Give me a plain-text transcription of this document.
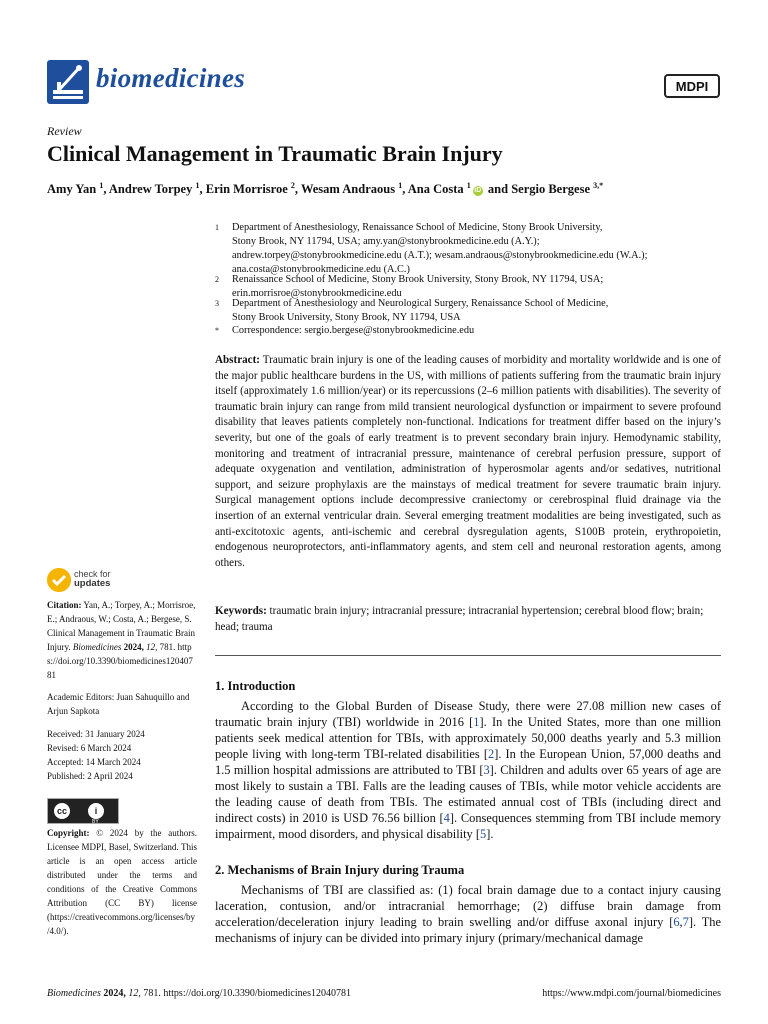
biomedicines	MDPI
Review
Clinical Management in Traumatic Brain Injury
Amy Yan $^1$, Andrew Torpey $^1$, Erin Morrisroe $^2$, Wesam Andraous $^1$, Ana Costa $^1$iD and Sergio Bergese $^{3,*}$
1 Department of Anesthesiology, Renaissance School of Medicine, Stony Brook University,
Stony Brook, NY 11794, USA; amy.yan@stonybrookmedicine.edu (A.Y.);
andrew.torpey@stonybrookmedicine.edu (A.T.); wesam.andraous@stonybrookmedicine.edu (W.A.);
ana.costa@stonybrookmedicine.edu (A.C.)
2 Renaissance School of Medicine, Stony Brook University, Stony Brook, NY 11794, USA;
erin.morrisroe@stonybrookmedicine.edu
3 Department of Anesthesiology and Neurological Surgery, Renaissance School of Medicine,
Stony Brook University, Stony Brook, NY 11794, USA
* Correspondence: sergio.bergese@stonybrookmedicine.edu
Abstract: Traumatic brain injury is one of the leading causes of morbidity and mortality worldwide and is one of the major public healthcare burdens in the US, with millions of patients suffering from the traumatic brain injury itself (approximately 1.6 million/year) or its repercussions (2–6 million patients with disabilities). The severity of traumatic brain injury can range from mild transient neurological dysfunction or impairment to severe profound disability that leaves patients completely non-functional. Indications for treatment differ based on the injury’s severity, but one of the goals of early treatment is to prevent secondary brain injury. Hemodynamic stability, monitoring and treatment of intracranial pressure, maintenance of cerebral perfusion pressure, support of adequate oxygenation and ventilation, administration of hyperosmolar agents and/or sedatives, nutritional support, and seizure prophylaxis are the mainstays of medical treatment for severe traumatic brain injury. Surgical management options include decompressive craniectomy or cerebrospinal fluid drainage via the insertion of an external ventricular drain. Several emerging treatment modalities are being investigated, such as anti-excitotoxic agents, anti-ischemic and cerebral dysregulation agents, S100B protein, erythropoietin, endogenous neuroprotectors, anti-inflammatory agents, and stem cell and neuronal restoration agents, among others.
Keywords: traumatic brain injury; intracranial pressure; intracranial hypertension; cerebral blood flow; brain; head; trauma
check for
updates
Citation: Yan, A.; Torpey, A.; Morrisroe, E.; Andraous, W.; Costa, A.; Bergese, S. Clinical Management in Traumatic Brain Injury. Biomedicines 2024, 12, 781. https://doi.org/10.3390/biomedicines12040781
Academic Editors: Juan Sahuquillo and Arjun Sapkota
Received: 31 January 2024
Revised: 6 March 2024
Accepted: 14 March 2024
Published: 2 April 2024
cc	i
BY
Copyright: © 2024 by the authors. Licensee MDPI, Basel, Switzerland. This article is an open access article distributed under the terms and conditions of the Creative Commons Attribution (CC BY) license (https://creativecommons.org/licenses/by/4.0/).
1. Introduction
According to the Global Burden of Disease Study, there were 27.08 million new cases of traumatic brain injury (TBI) worldwide in 2016 [1]. In the United States, more than one million patients seek medical attention for TBIs, with approximately 50,000 deaths yearly and 5.3 million people living with long-term TBI-related disabilities [2]. In the European Union, 57,000 deaths and 1.5 million hospital admissions are attributed to TBI [3]. Children and adults over 65 years of age are most likely to sustain a TBI. Falls are the leading causes of TBIs, while motor vehicle accidents are the leading cause of death from TBIs. The estimated annual cost of TBIs (including direct and indirect costs) in 2010 is USD 76.56 billion [4]. Consequences stemming from TBI include memory impairment, mood disorders, and physical disability [5].
2. Mechanisms of Brain Injury during Trauma
Mechanisms of TBI are classified as: (1) focal brain damage due to a contact injury causing laceration, contusion, and/or intracranial hemorrhage; (2) diffuse brain damage from acceleration/deceleration injury leading to brain swelling and/or diffuse axonal injury [6,7]. The mechanisms of injury can be divided into primary injury (primary/mechanical damage
Biomedicines 2024, 12, 781. https://doi.org/10.3390/biomedicines12040781	https://www.mdpi.com/journal/biomedicines
